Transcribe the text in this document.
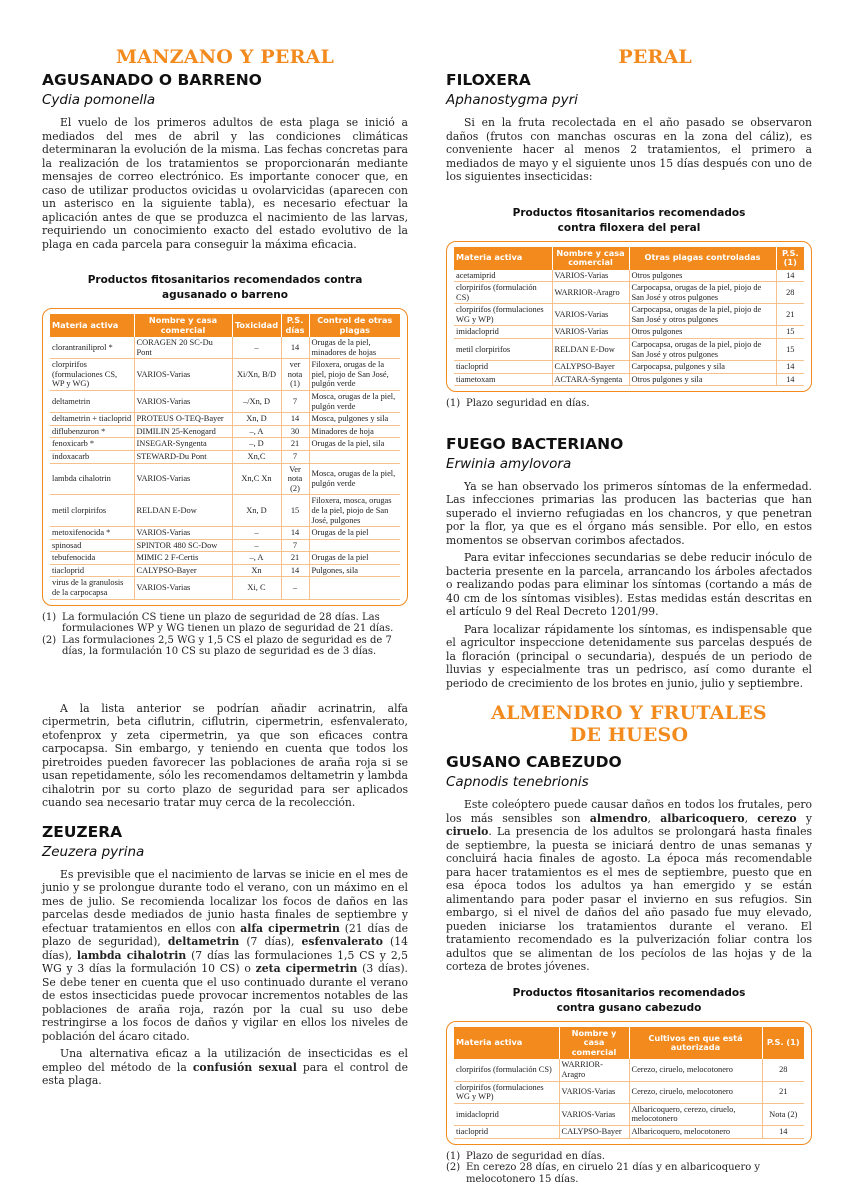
MANZANO Y PERAL
AGUSANADO O BARRENO
Cydia pomonella

El vuelo de los primeros adultos de esta plaga se inició a mediados del mes de abril y las condiciones climáticas determinaran la evolución de la misma. Las fechas concretas para la realización de los tratamientos se proporcionarán mediante mensajes de correo electrónico. Es importante conocer que, en caso de utilizar productos ovicidas u ovolarvicidas (aparecen con un asterisco en la siguiente tabla), es necesario efectuar la aplicación antes de que se produzca el nacimiento de las larvas, requiriendo un conocimiento exacto del estado evolutivo de la plaga en cada parcela para conseguir la máxima eficacia.

Productos fitosanitarios recomendados contra
agusanado o barreno
Materia activa	Nombre y casa comercial	Toxicidad	P.S. días	Control de otras plagas
clorantraniliprol *	CORAGEN 20 SC-Du Pont	–	14	Orugas de la piel, minadores de hojas
clorpirifos (formulaciones CS, WP y WG)	VARIOS-Varias	Xi/Xn, B/D	ver nota (1)	Filoxera, orugas de la piel, piojo de San José, pulgón verde
deltametrin	VARIOS-Varias	–/Xn, D	7	Mosca, orugas de la piel, pulgón verde
deltametrin + tiacloprid	PROTEUS O-TEQ-Bayer	Xn, D	14	Mosca, pulgones y sila
diflubenzuron *	DIMILIN 25-Kenogard	–, A	30	Minadores de hoja
fenoxicarb *	INSEGAR-Syngenta	–, D	21	Orugas de la piel, sila
indoxacarb	STEWARD-Du Pont	Xn,C	7	
lambda cihalotrin	VARIOS-Varias	Xn,C Xn	Ver nota (2)	Mosca, orugas de la piel, pulgón verde
metil clorpirifos	RELDAN E-Dow	Xn, D	15	Filoxera, mosca, orugas de la piel, piojo de San José, pulgones
metoxifenocida *	VARIOS-Varias	–	14	Orugas de la piel
spinosad	SPINTOR 480 SC-Dow	–	7	
tebufenocida	MIMIC 2 F-Certis	–, A	21	Orugas de la piel
tiacloprid	CALYPSO-Bayer	Xn	14	Pulgones, sila
virus de la granulosis de la carpocapsa	VARIOS-Varias	Xi, C	–	
(1) La formulación CS tiene un plazo de seguridad de 28 días. Las formulaciones WP y WG tienen un plazo de seguridad de 21 días.
(2) Las formulaciones 2,5 WG y 1,5 CS el plazo de seguridad es de 7 días, la formulación 10 CS su plazo de seguridad es de 3 días.

A la lista anterior se podrían añadir acrinatrin, alfa cipermetrin, beta ciflutrin, ciflutrin, cipermetrin, esfenvalerato, etofenprox y zeta cipermetrin, ya que son eficaces contra carpocapsa. Sin embargo, y teniendo en cuenta que todos los piretroides pueden favorecer las poblaciones de araña roja si se usan repetidamente, sólo les recomendamos deltametrin y lambda cihalotrin por su corto plazo de seguridad para ser aplicados cuando sea necesario tratar muy cerca de la recolección.

ZEUZERA
Zeuzera pyrina

Es previsible que el nacimiento de larvas se inicie en el mes de junio y se prolongue durante todo el verano, con un máximo en el mes de julio. Se recomienda localizar los focos de daños en las parcelas desde mediados de junio hasta finales de septiembre y efectuar tratamientos en ellos con alfa cipermetrin (21 días de plazo de seguridad), deltametrin (7 días), esfenvalerato (14 días), lambda cihalotrin (7 días las formulaciones 1,5 CS y 2,5 WG y 3 días la formulación 10 CS) o zeta cipermetrin (3 días). Se debe tener en cuenta que el uso continuado durante el verano de estos insecticidas puede provocar incrementos notables de las poblaciones de araña roja, razón por la cual su uso debe restringirse a los focos de daños y vigilar en ellos los niveles de población del ácaro citado.

Una alternativa eficaz a la utilización de insecticidas es el empleo del método de la confusión sexual para el control de esta plaga.

PERAL
FILOXERA
Aphanostygma pyri

Si en la fruta recolectada en el año pasado se observaron daños (frutos con manchas oscuras en la zona del cáliz), es conveniente hacer al menos 2 tratamientos, el primero a mediados de mayo y el siguiente unos 15 días después con uno de los siguientes insecticidas:

Productos fitosanitarios recomendados
contra filoxera del peral
Materia activa	Nombre y casa comercial	Otras plagas controladas	P.S. (1)
acetamiprid	VARIOS-Varias	Otros pulgones	14
clorpirifos (formulación CS)	WARRIOR-Aragro	Carpocapsa, orugas de la piel, piojo de San José y otros pulgones	28
clorpirifos (formulaciones WG y WP)	VARIOS-Varias	Carpocapsa, orugas de la piel, piojo de San José y otros pulgones	21
imidacloprid	VARIOS-Varias	Otros pulgones	15
metil clorpirifos	RELDAN E-Dow	Carpocapsa, orugas de la piel, piojo de San José y otros pulgones	15
tiacloprid	CALYPSO-Bayer	Carpocapsa, pulgones y sila	14
tiametoxam	ACTARA-Syngenta	Otros pulgones y sila	14
(1) Plazo seguridad en días.
FUEGO BACTERIANO
Erwinia amylovora

Ya se han observado los primeros síntomas de la enfermedad. Las infecciones primarias las producen las bacterias que han superado el invierno refugiadas en los chancros, y que penetran por la flor, ya que es el órgano más sensible. Por ello, en estos momentos se observan corimbos afectados.

Para evitar infecciones secundarias se debe reducir inóculo de bacteria presente en la parcela, arrancando los árboles afectados o realizando podas para eliminar los síntomas (cortando a más de 40 cm de los síntomas visibles). Estas medidas están descritas en el artículo 9 del Real Decreto 1201/99.

Para localizar rápidamente los síntomas, es indispensable que el agricultor inspeccione detenidamente sus parcelas después de la floración (principal o secundaria), después de un periodo de lluvias y especialmente tras un pedrisco, así como durante el periodo de crecimiento de los brotes en junio, julio y septiembre.

ALMENDRO Y FRUTALES
DE HUESO
GUSANO CABEZUDO
Capnodis tenebrionis

Este coleóptero puede causar daños en todos los frutales, pero los más sensibles son almendro, albaricoquero, cerezo y ciruelo. La presencia de los adultos se prolongará hasta finales de septiembre, la puesta se iniciará dentro de unas semanas y concluirá hacia finales de agosto. La época más recomendable para hacer tratamientos es el mes de septiembre, puesto que en esa época todos los adultos ya han emergido y se están alimentando para poder pasar el invierno en sus refugios. Sin embargo, si el nivel de daños del año pasado fue muy elevado, pueden iniciarse los tratamientos durante el verano. El tratamiento recomendado es la pulverización foliar contra los adultos que se alimentan de los pecíolos de las hojas y de la corteza de brotes jóvenes.

Productos fitosanitarios recomendados
contra gusano cabezudo
Materia activa	Nombre y casa comercial	Cultivos en que está autorizada	P.S. (1)
clorpirifos (formulación CS)	WARRIOR-Aragro	Cerezo, ciruelo, melocotonero	28
clorpirifos (formulaciones WG y WP)	VARIOS-Varias	Cerezo, ciruelo, melocotonero	21
imidacloprid	VARIOS-Varias	Albaricoquero, cerezo, ciruelo, melocotonero	Nota (2)
tiacloprid	CALYPSO-Bayer	Albaricoquero, melocotonero	14
(1) Plazo de seguridad en días.
(2) En cerezo 28 días, en ciruelo 21 días y en albaricoquero y melocotonero 15 días.
